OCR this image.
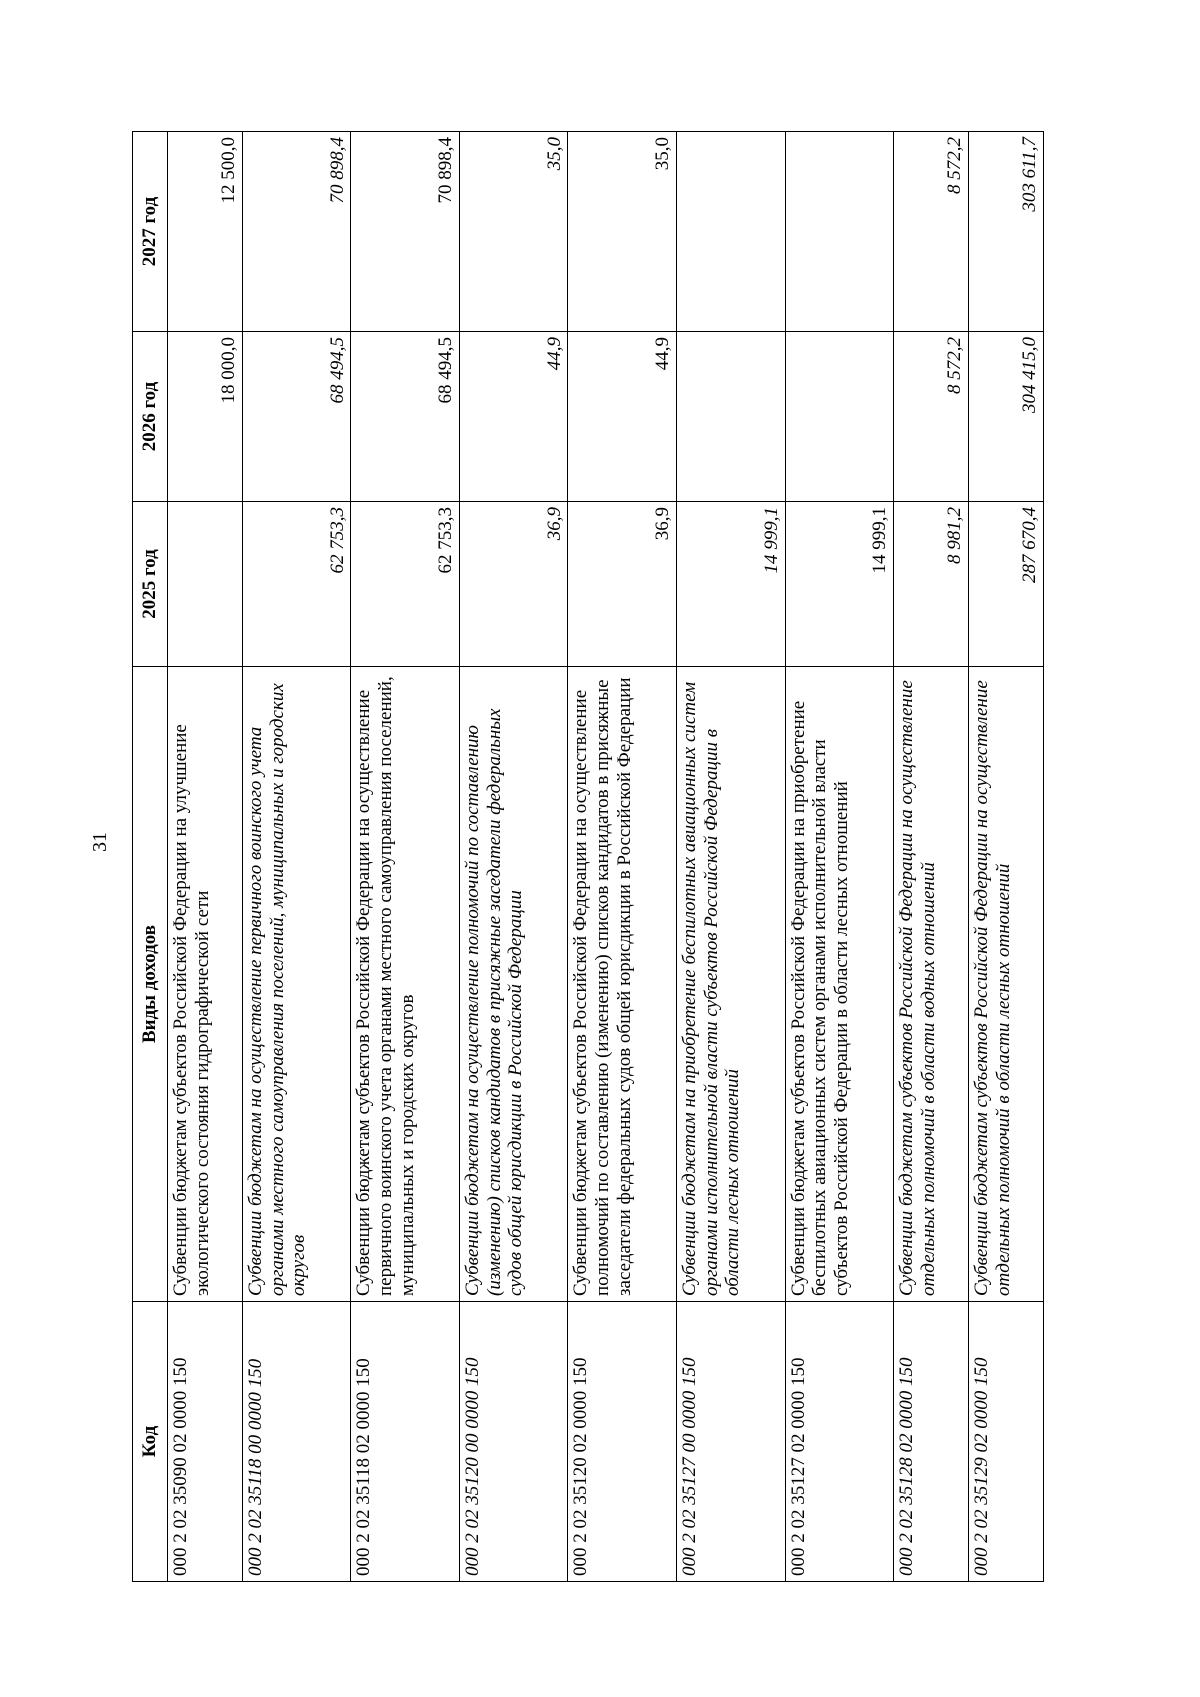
31
Код	Виды доходов	2025 год	2026 год	2027 год
000 2 02 35090 02 0000 150	Субвенции бюджетам субъектов Российской Федерации на улучшение экологического состояния гидрографической сети		18 000,0	12 500,0
000 2 02 35118 00 0000 150	Субвенции бюджетам на осуществление первичного воинского учета органами местного самоуправления поселений, муниципальных и городских округов	62 753,3	68 494,5	70 898,4
000 2 02 35118 02 0000 150	Субвенции бюджетам субъектов Российской Федерации на осуществление первичного воинского учета органами местного самоуправления поселений, муниципальных и городских округов	62 753,3	68 494,5	70 898,4
000 2 02 35120 00 0000 150	Субвенции бюджетам на осуществление полномочий по составлению (изменению) списков кандидатов в присяжные заседатели федеральных судов общей юрисдикции в Российской Федерации	36,9	44,9	35,0
000 2 02 35120 02 0000 150	Субвенции бюджетам субъектов Российской Федерации на осуществление полномочий по составлению (изменению) списков кандидатов в присяжные заседатели федеральных судов общей юрисдикции в Российской Федерации	36,9	44,9	35,0
000 2 02 35127 00 0000 150	Субвенции бюджетам на приобретение беспилотных авиационных систем органами исполнительной власти субъектов Российской Федерации в области лесных отношений	14 999,1		
000 2 02 35127 02 0000 150	Субвенции бюджетам субъектов Российской Федерации на приобретение беспилотных авиационных систем органами исполнительной власти субъектов Российской Федерации в области лесных отношений	14 999,1		
000 2 02 35128 02 0000 150	Субвенции бюджетам субъектов Российской Федерации на осуществление отдельных полномочий в области водных отношений	8 981,2	8 572,2	8 572,2
000 2 02 35129 02 0000 150	Субвенции бюджетам субъектов Российской Федерации на осуществление отдельных полномочий в области лесных отношений	287 670,4	304 415,0	303 611,7
